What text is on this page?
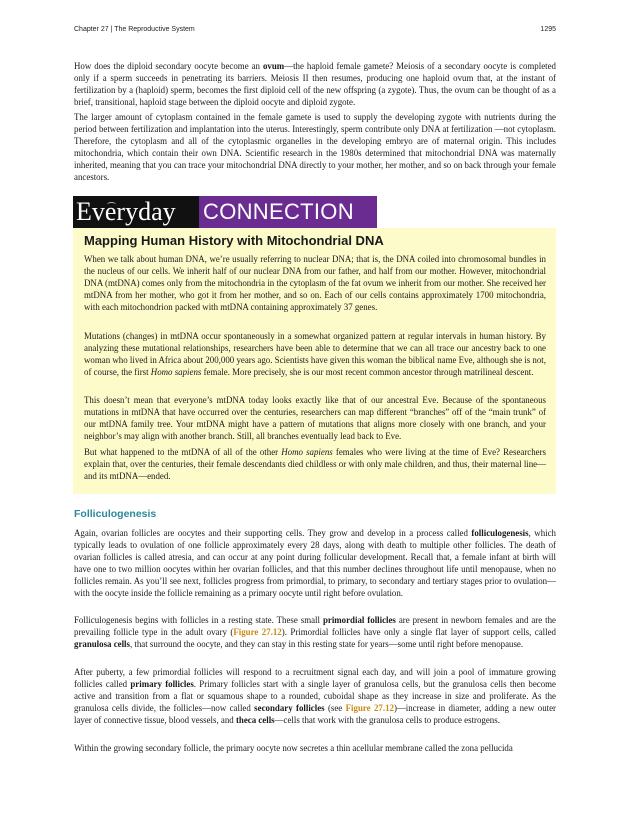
Chapter 27 | The Reproductive System	1295

How does the diploid secondary oocyte become an ovum—the haploid female gamete? Meiosis of a secondary oocyte is completed only if a sperm succeeds in penetrating its barriers. Meiosis II then resumes, producing one haploid ovum that, at the instant of fertilization by a (haploid) sperm, becomes the first diploid cell of the new offspring (a zygote). Thus, the ovum can be thought of as a brief, transitional, haploid stage between the diploid oocyte and diploid zygote.

The larger amount of cytoplasm contained in the female gamete is used to supply the developing zygote with nutrients during the period between fertilization and implantation into the uterus. Interestingly, sperm contribute only DNA at fertilization —not cytoplasm. Therefore, the cytoplasm and all of the cytoplasmic organelles in the developing embryo are of maternal origin. This includes mitochondria, which contain their own DNA. Scientific research in the 1980s determined that mitochondrial DNA was maternally inherited, meaning that you can trace your mitochondrial DNA directly to your mother, her mother, and so on back through your female ancestors.

Everyday	CONNECTION
Mapping Human History with Mitochondrial DNA

When we talk about human DNA, we’re usually referring to nuclear DNA; that is, the DNA coiled into chromosomal bundles in the nucleus of our cells. We inherit half of our nuclear DNA from our father, and half from our mother. However, mitochondrial DNA (mtDNA) comes only from the mitochondria in the cytoplasm of the fat ovum we inherit from our mother. She received her mtDNA from her mother, who got it from her mother, and so on. Each of our cells contains approximately 1700 mitochondria, with each mitochondrion packed with mtDNA containing approximately 37 genes.

Mutations (changes) in mtDNA occur spontaneously in a somewhat organized pattern at regular intervals in human history. By analyzing these mutational relationships, researchers have been able to determine that we can all trace our ancestry back to one woman who lived in Africa about 200,000 years ago. Scientists have given this woman the biblical name Eve, although she is not, of course, the first Homo sapiens female. More precisely, she is our most recent common ancestor through matrilineal descent.

This doesn’t mean that everyone’s mtDNA today looks exactly like that of our ancestral Eve. Because of the spontaneous mutations in mtDNA that have occurred over the centuries, researchers can map different “branches” off of the “main trunk” of our mtDNA family tree. Your mtDNA might have a pattern of mutations that aligns more closely with one branch, and your neighbor’s may align with another branch. Still, all branches eventually lead back to Eve.

But what happened to the mtDNA of all of the other Homo sapiens females who were living at the time of Eve? Researchers explain that, over the centuries, their female descendants died childless or with only male children, and thus, their maternal line—and its mtDNA—ended.

Folliculogenesis

Again, ovarian follicles are oocytes and their supporting cells. They grow and develop in a process called folliculogenesis, which typically leads to ovulation of one follicle approximately every 28 days, along with death to multiple other follicles. The death of ovarian follicles is called atresia, and can occur at any point during follicular development. Recall that, a female infant at birth will have one to two million oocytes within her ovarian follicles, and that this number declines throughout life until menopause, when no follicles remain. As you’ll see next, follicles progress from primordial, to primary, to secondary and tertiary stages prior to ovulation—with the oocyte inside the follicle remaining as a primary oocyte until right before ovulation.

Folliculogenesis begins with follicles in a resting state. These small primordial follicles are present in newborn females and are the prevailing follicle type in the adult ovary (Figure 27.12). Primordial follicles have only a single flat layer of support cells, called granulosa cells, that surround the oocyte, and they can stay in this resting state for years—some until right before menopause.

After puberty, a few primordial follicles will respond to a recruitment signal each day, and will join a pool of immature growing follicles called primary follicles. Primary follicles start with a single layer of granulosa cells, but the granulosa cells then become active and transition from a flat or squamous shape to a rounded, cuboidal shape as they increase in size and proliferate. As the granulosa cells divide, the follicles—now called secondary follicles (see Figure 27.12)—increase in diameter, adding a new outer layer of connective tissue, blood vessels, and theca cells—cells that work with the granulosa cells to produce estrogens.

Within the growing secondary follicle, the primary oocyte now secretes a thin acellular membrane called the zona pellucida
